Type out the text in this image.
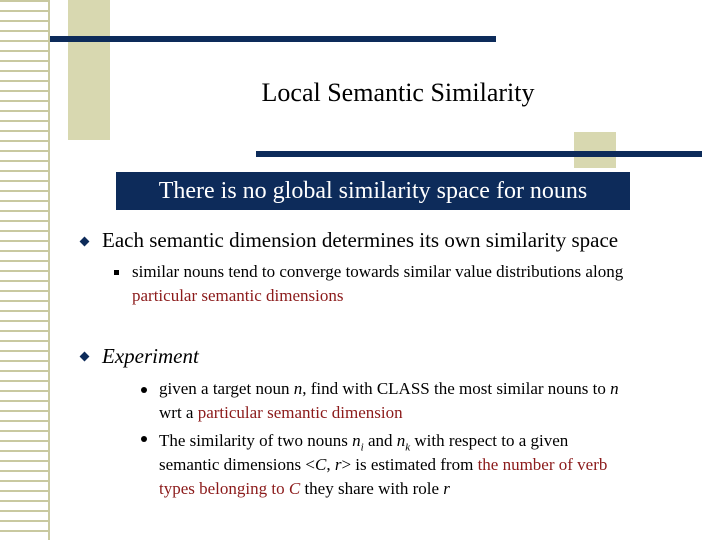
Local Semantic Similarity
There is no global similarity space for nouns
Each semantic dimension determines its own similarity space
similar nouns tend to converge towards similar value distributions along
particular semantic dimensions
Experiment
given a target noun n, find with CLASS the most similar nouns to n
wrt a particular semantic dimension
The similarity of two nouns $n_i$ and $n_k$ with respect to a given
semantic dimensions <C, r> is estimated from the number of verb
types belonging to C they share with role r
